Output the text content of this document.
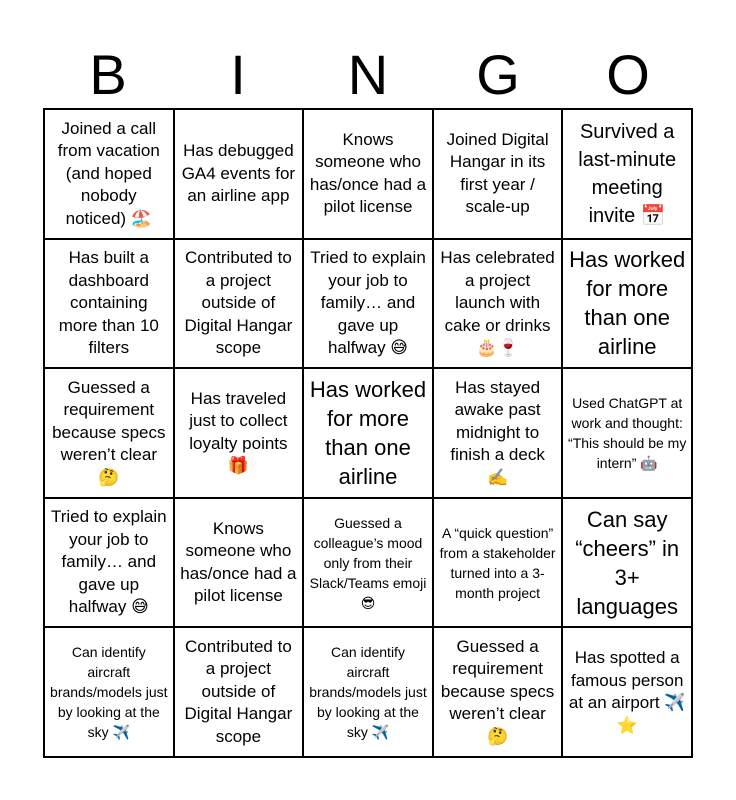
B	I	N	G	O
Joined a call from vacation (and hoped nobody noticed) 🏖️
Has debugged GA4 events for an airline app
Knows someone who has/once had a pilot license
Joined Digital Hangar in its first year / scale-up
Survived a last-minute meeting invite 📅
Has built a dashboard containing more than 10 filters
Contributed to a project outside of Digital Hangar scope
Tried to explain your job to family… and gave up halfway 😅
Has celebrated a project launch with cake or drinks 🎂🍷
Has worked for more than one airline
Guessed a requirement because specs weren’t clear 🤔
Has traveled just to collect loyalty points 🎁
Has worked for more than one airline
Has stayed awake past midnight to finish a deck ✍️
Used ChatGPT at work and thought: “This should be my intern” 🤖
Tried to explain your job to family… and gave up halfway 😅
Knows someone who has/once had a pilot license
Guessed a colleague’s mood only from their Slack/Teams emoji 😎
A “quick question” from a stakeholder turned into a 3-month project
Can say “cheers” in 3+ languages
Can identify aircraft brands/models just by looking at the sky ✈️
Contributed to a project outside of Digital Hangar scope
Can identify aircraft brands/models just by looking at the sky ✈️
Guessed a requirement because specs weren’t clear 🤔
Has spotted a famous person at an airport ✈️⭐
